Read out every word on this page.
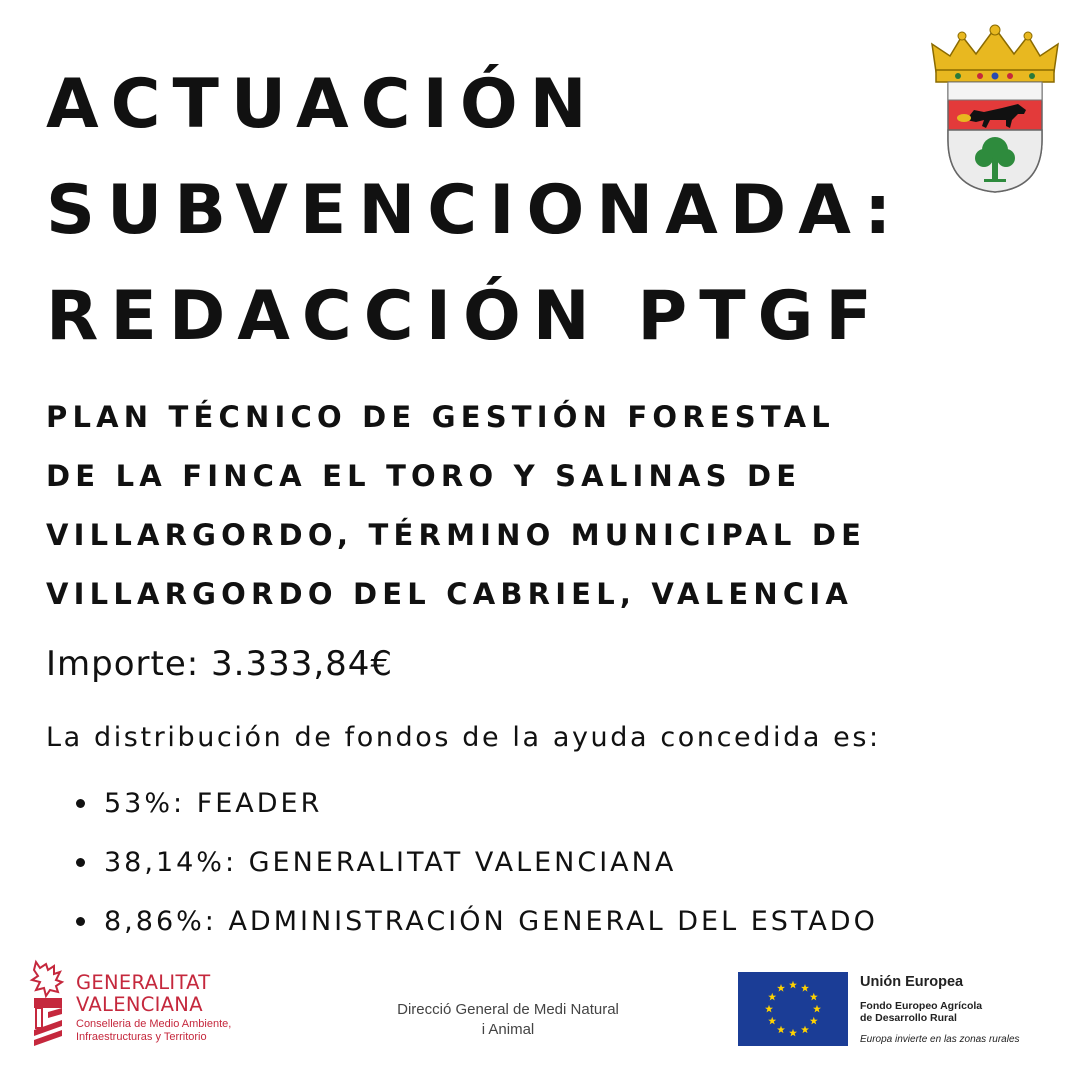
ACTUACIÓN
SUBVENCIONADA:
REDACCIÓN PTGF
PLAN TÉCNICO DE GESTIÓN FORESTAL
DE LA FINCA EL TORO Y SALINAS DE
VILLARGORDO, TÉRMINO MUNICIPAL DE
VILLARGORDO DEL CABRIEL, VALENCIA
Importe: 3.333,84€
La distribución de fondos de la ayuda concedida es:
53%: FEADER
38,14%: GENERALITAT VALENCIANA
8,86%: ADMINISTRACIÓN GENERAL DEL ESTADO
GENERALITAT
VALENCIANA
Conselleria de Medio Ambiente,
Infraestructuras y Territorio
Direcció General de Medi Natural
i Animal
Unión Europea
Fondo Europeo Agrícola
de Desarrollo Rural
Europa invierte en las zonas rurales
